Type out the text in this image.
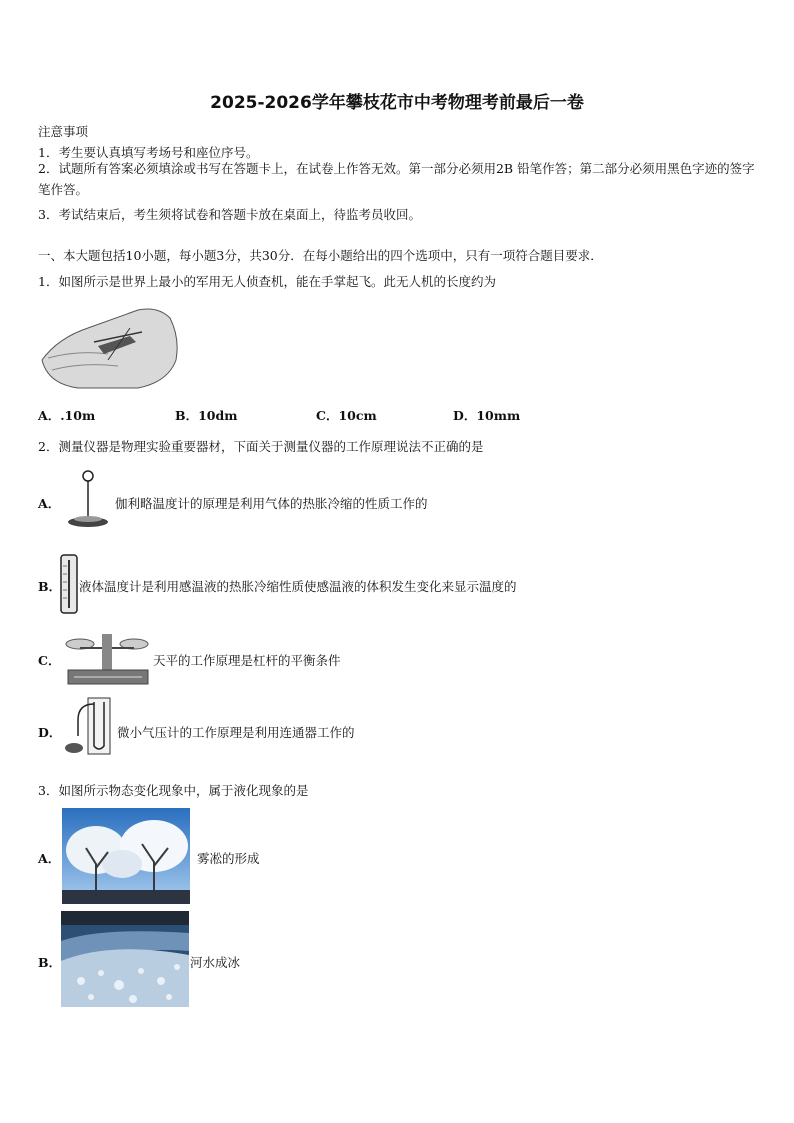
2025-2026学年攀枝花市中考物理考前最后一卷
注意事项
1．考生要认真填写考场号和座位序号。
2．试题所有答案必须填涂或书写在答题卡上，在试卷上作答无效。第一部分必须用2B 铅笔作答；第二部分必须用黑色字迹的签字笔作答。
3．考试结束后，考生须将试卷和答题卡放在桌面上，待监考员收回。
一、本大题包括10小题，每小题3分，共30分．在每小题给出的四个选项中，只有一项符合题目要求．
1．如图所示是世界上最小的军用无人侦查机，能在手掌起飞。此无人机的长度约为
A．.10m	B．10dm	C．10cm	D．10mm
2．测量仪器是物理实验重要器材，下面关于测量仪器的工作原理说法不正确的是
A．	伽利略温度计的原理是利用气体的热胀冷缩的性质工作的
B． 液体温度计是利用感温液的热胀冷缩性质使感温液的体积发生变化来显示温度的
C．	天平的工作原理是杠杆的平衡条件
D．	微小气压计的工作原理是利用连通器工作的
3．如图所示物态变化现象中，属于液化现象的是
A．	雾凇的形成
B．	河水成冰
